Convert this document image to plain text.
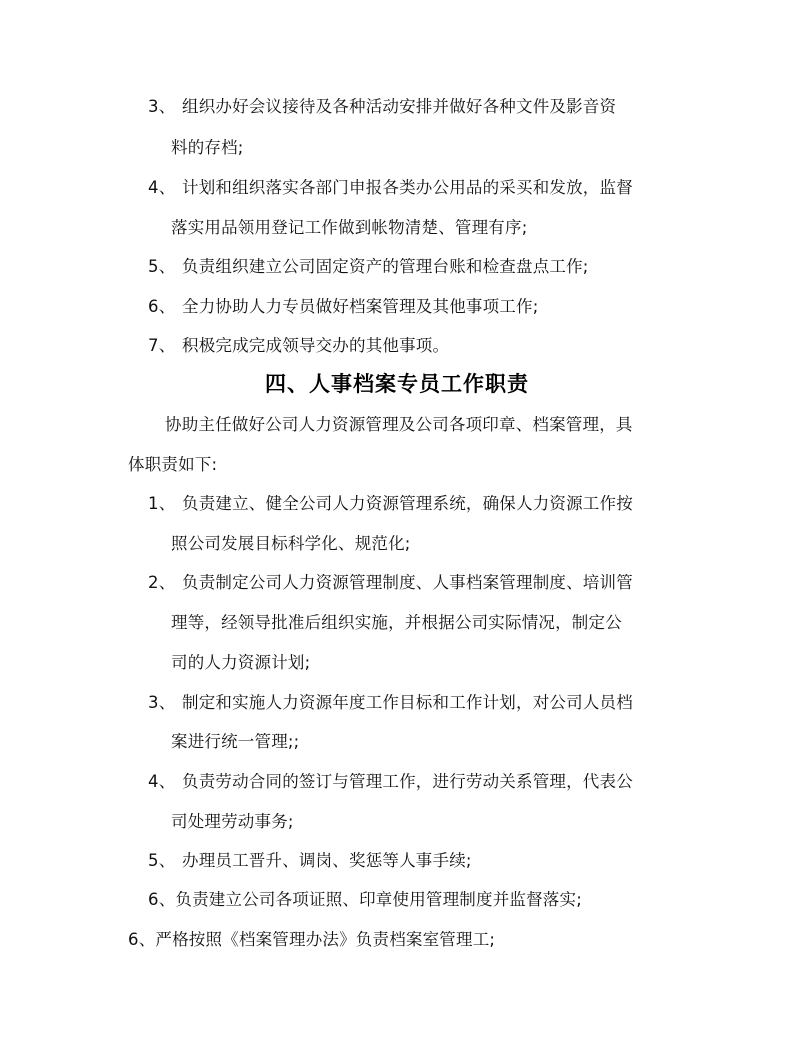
3、 组织办好会议接待及各种活动安排并做好各种文件及影音资
料的存档;
4、 计划和组织落实各部门申报各类办公用品的采买和发放，监督
落实用品领用登记工作做到帐物清楚、管理有序;
5、 负责组织建立公司固定资产的管理台账和检查盘点工作;
6、 全力协助人力专员做好档案管理及其他事项工作;
7、 积极完成完成领导交办的其他事项。
四、人事档案专员工作职责
协助主任做好公司人力资源管理及公司各项印章、档案管理，具
体职责如下:
1、 负责建立、健全公司人力资源管理系统，确保人力资源工作按
照公司发展目标科学化、规范化;
2、 负责制定公司人力资源管理制度、人事档案管理制度、培训管
理等，经领导批准后组织实施，并根据公司实际情况，制定公
司的人力资源计划;
3、 制定和实施人力资源年度工作目标和工作计划，对公司人员档
案进行统一管理;;
4、 负责劳动合同的签订与管理工作，进行劳动关系管理，代表公
司处理劳动事务;
5、 办理员工晋升、调岗、奖惩等人事手续;
6、负责建立公司各项证照、印章使用管理制度并监督落实;
6、严格按照《档案管理办法》负责档案室管理工;
